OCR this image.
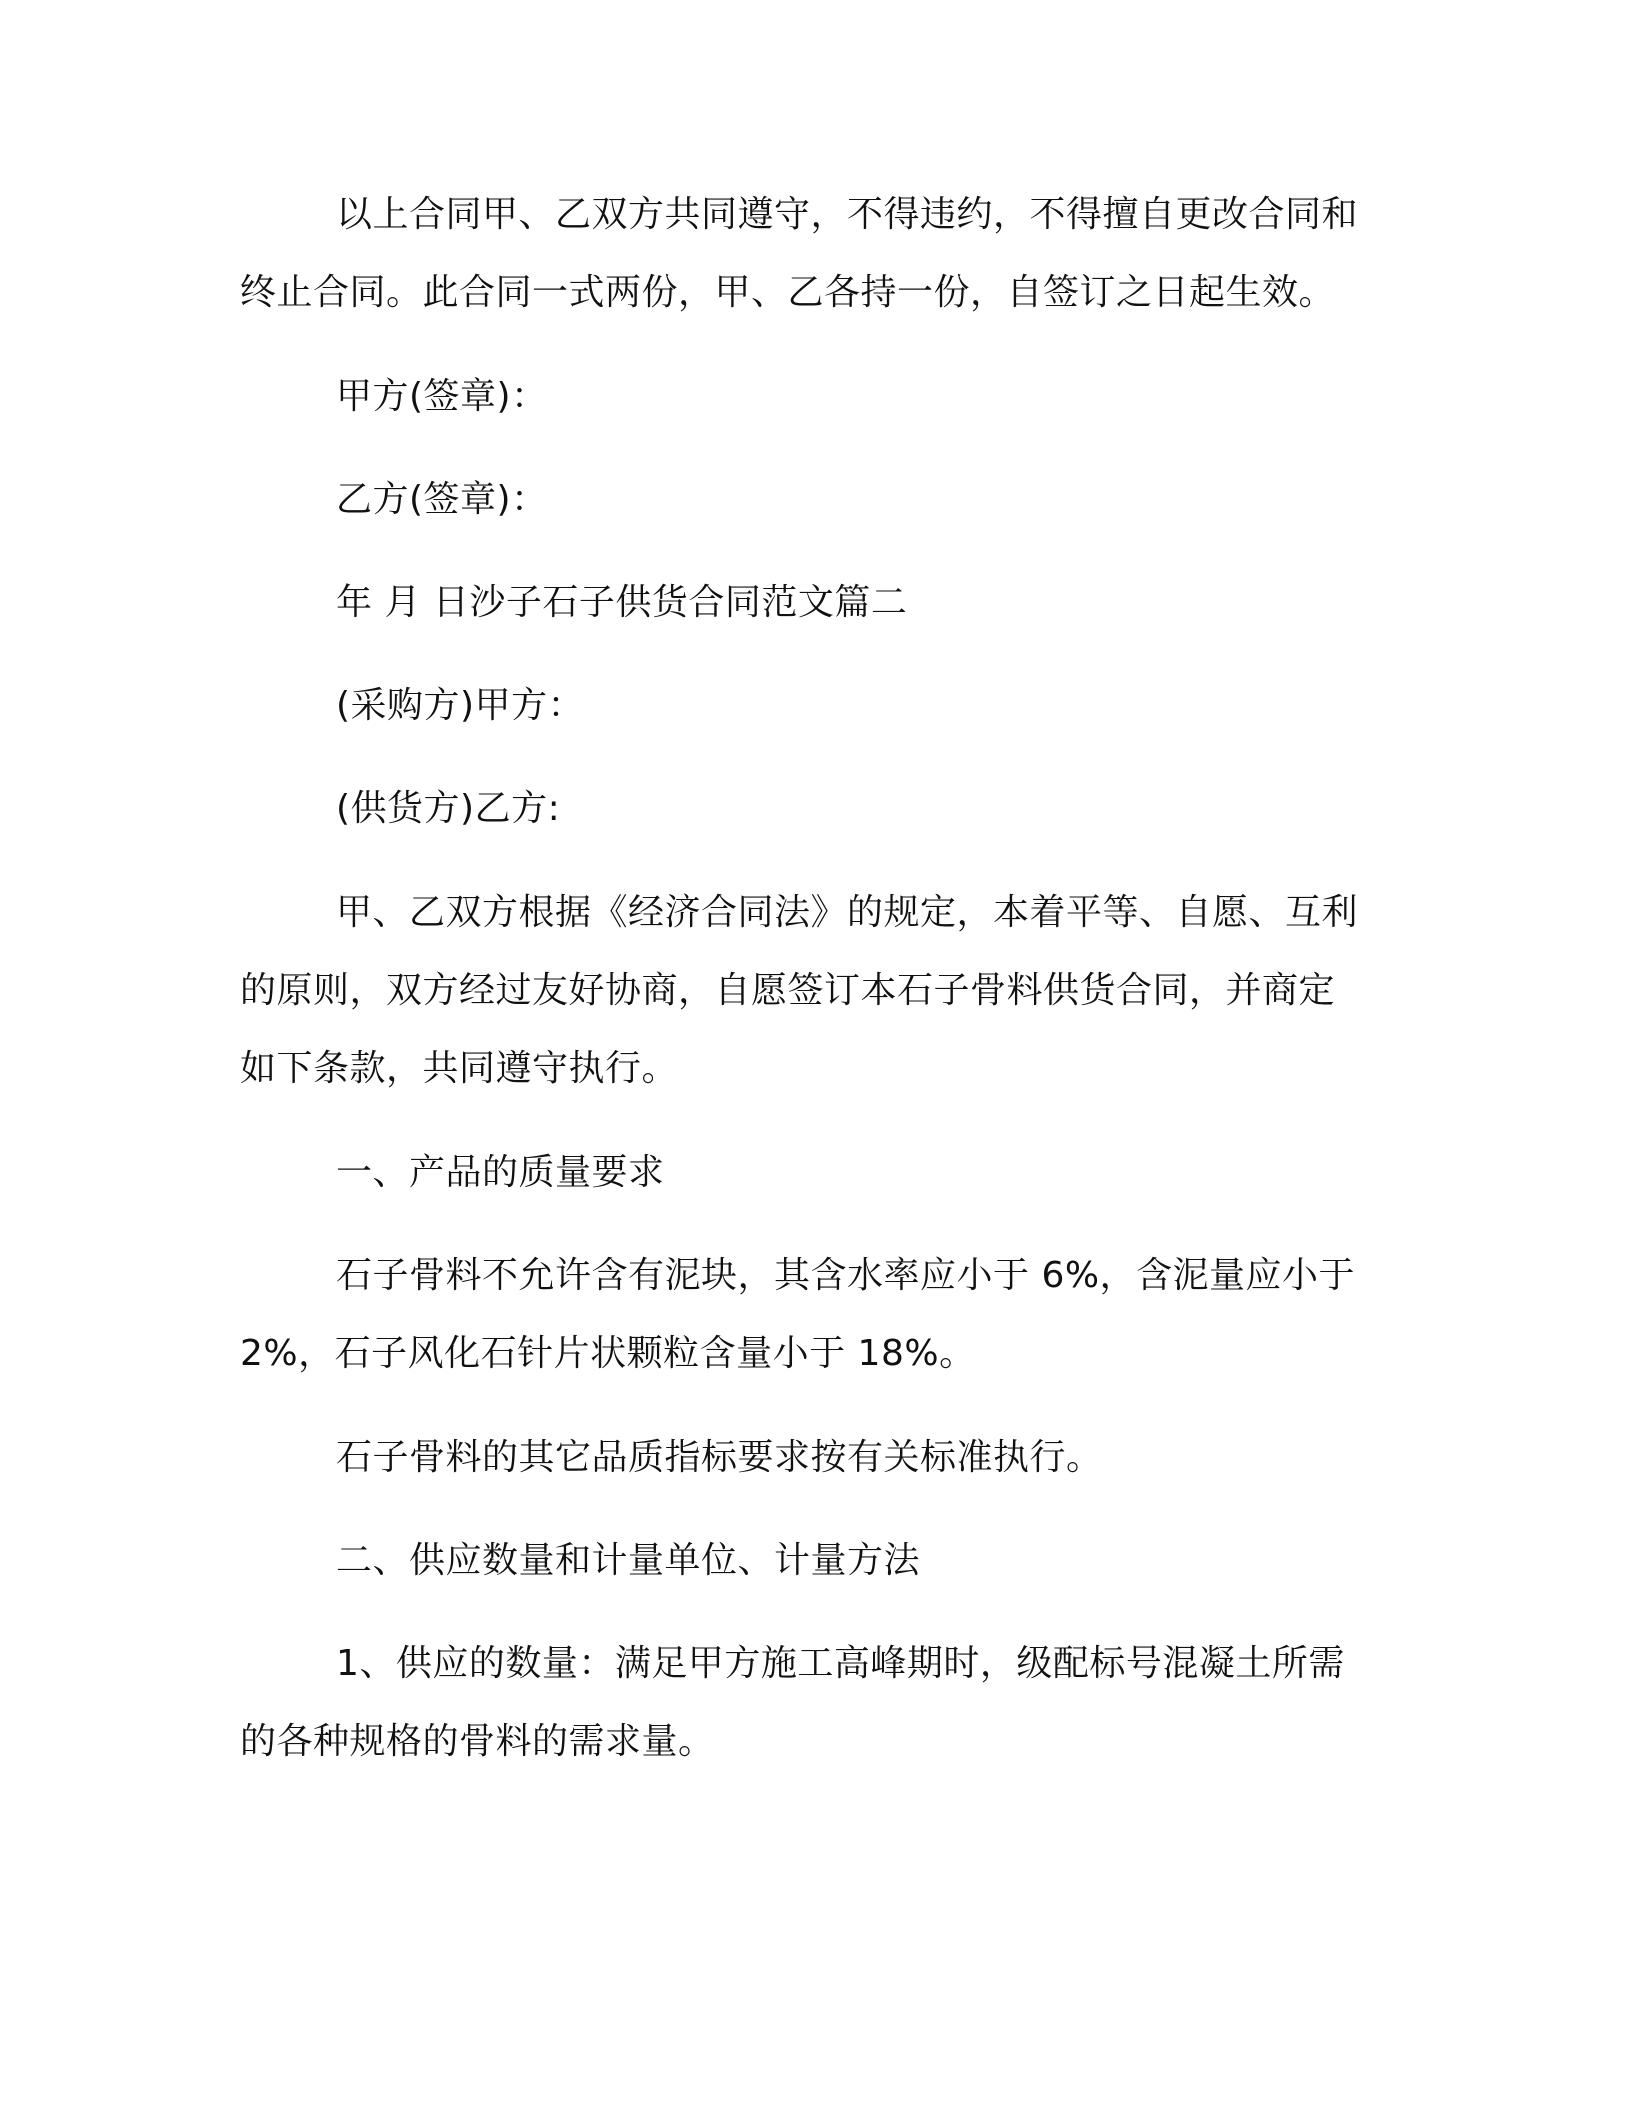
以上合同甲、乙双方共同遵守，不得违约，不得擅自更改合同和
终止合同。此合同一式两份，甲、乙各持一份，自签订之日起生效。

甲方(签章)：

乙方(签章)：

年 月 日沙子石子供货合同范文篇二

(采购方)甲方：

(供货方)乙方:

甲、乙双方根据《经济合同法》的规定，本着平等、自愿、互利
的原则，双方经过友好协商，自愿签订本石子骨料供货合同，并商定
如下条款，共同遵守执行。

一、产品的质量要求

石子骨料不允许含有泥块，其含水率应小于 6%，含泥量应小于
2%，石子风化石针片状颗粒含量小于 18%。

石子骨料的其它品质指标要求按有关标准执行。

二、供应数量和计量单位、计量方法

1、供应的数量：满足甲方施工高峰期时，级配标号混凝土所需
的各种规格的骨料的需求量。
